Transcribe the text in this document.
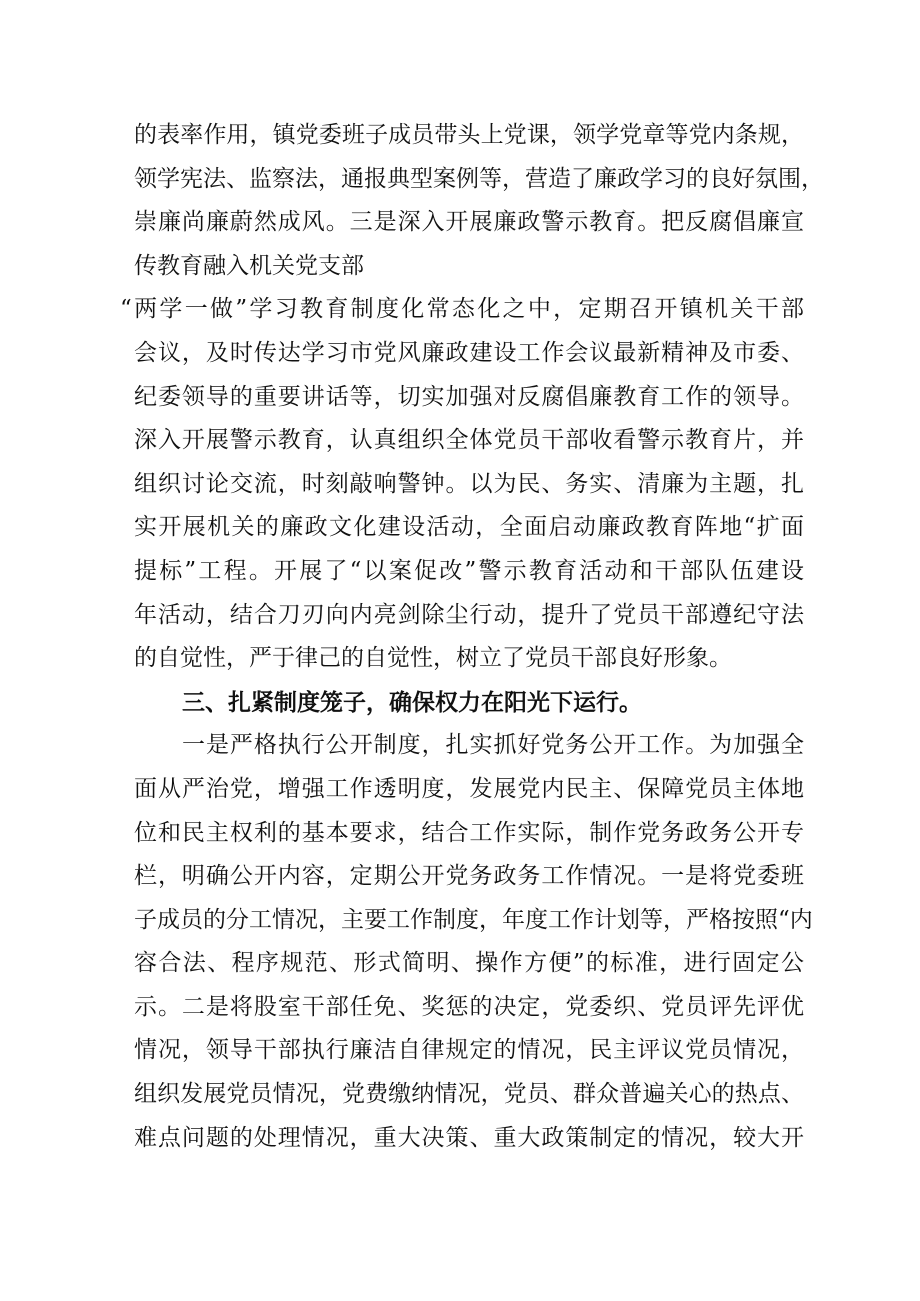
的表率作用，镇党委班子成员带头上党课，领学党章等党内条规，
领学宪法、监察法，通报典型案例等，营造了廉政学习的良好氛围，
崇廉尚廉蔚然成风。三是深入开展廉政警示教育。把反腐倡廉宣
传教育融入机关党支部
“两学一做”学习教育制度化常态化之中，定期召开镇机关干部
会议，及时传达学习市党风廉政建设工作会议最新精神及市委、
纪委领导的重要讲话等，切实加强对反腐倡廉教育工作的领导。
深入开展警示教育，认真组织全体党员干部收看警示教育片，并
组织讨论交流，时刻敲响警钟。以为民、务实、清廉为主题，扎
实开展机关的廉政文化建设活动，全面启动廉政教育阵地“扩面
提标”工程。开展了“以案促改”警示教育活动和干部队伍建设
年活动，结合刀刃向内亮剑除尘行动，提升了党员干部遵纪守法
的自觉性，严于律己的自觉性，树立了党员干部良好形象。
三、扎紧制度笼子，确保权力在阳光下运行。
一是严格执行公开制度，扎实抓好党务公开工作。为加强全
面从严治党，增强工作透明度，发展党内民主、保障党员主体地
位和民主权利的基本要求，结合工作实际，制作党务政务公开专
栏，明确公开内容，定期公开党务政务工作情况。一是将党委班
子成员的分工情况，主要工作制度，年度工作计划等，严格按照“内
容合法、程序规范、形式简明、操作方便”的标准，进行固定公
示。二是将股室干部任免、奖惩的决定，党委织、党员评先评优
情况，领导干部执行廉洁自律规定的情况，民主评议党员情况，
组织发展党员情况，党费缴纳情况，党员、群众普遍关心的热点、
难点问题的处理情况，重大决策、重大政策制定的情况，较大开
